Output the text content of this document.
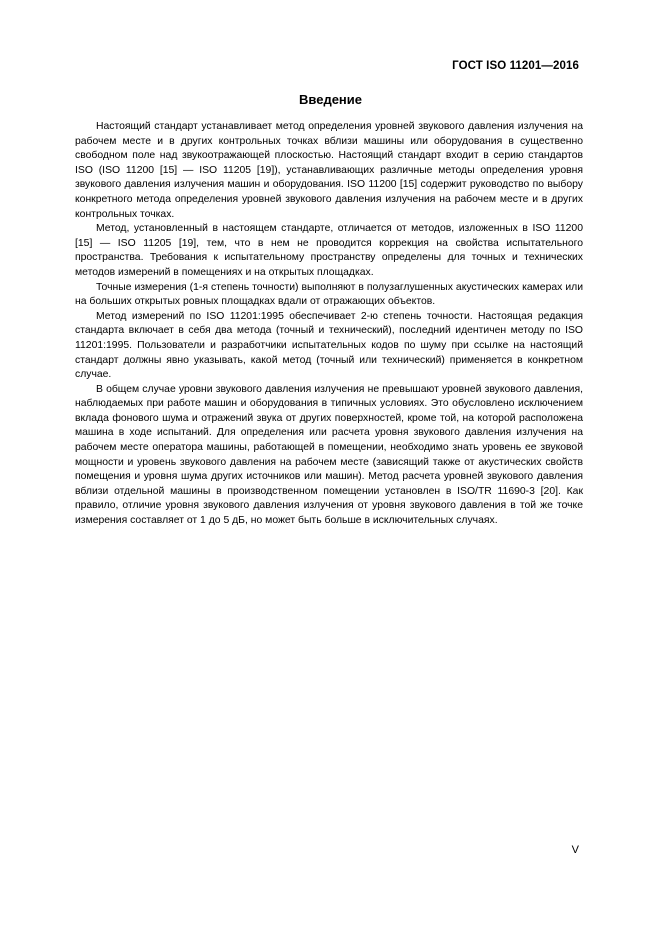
ГОСТ ISO 11201—2016
Введение

Настоящий стандарт устанавливает метод определения уровней звукового давления излучения на рабочем месте и в других контрольных точках вблизи машины или оборудования в существенно свободном поле над звукоотражающей плоскостью. Настоящий стандарт входит в серию стандартов ISO (ISO 11200 [15] — ISO 11205 [19]), устанавливающих различные методы определения уровня звукового давления излучения машин и оборудования. ISO 11200 [15] содержит руководство по выбору конкретного метода определения уровней звукового давления излучения на рабочем месте и в других контрольных точках.

Метод, установленный в настоящем стандарте, отличается от методов, изложенных в ISO 11200 [15] — ISO 11205 [19], тем, что в нем не проводится коррекция на свойства испытательного пространства. Требования к испытательному пространству определены для точных и технических методов измерений в помещениях и на открытых площадках.

Точные измерения (1-я степень точности) выполняют в полузаглушенных акустических камерах или на больших открытых ровных площадках вдали от отражающих объектов.

Метод измерений по ISO 11201:1995 обеспечивает 2-ю степень точности. Настоящая редакция стандарта включает в себя два метода (точный и технический), последний идентичен методу по ISO 11201:1995. Пользователи и разработчики испытательных кодов по шуму при ссылке на настоящий стандарт должны явно указывать, какой метод (точный или технический) применяется в конкретном случае.

В общем случае уровни звукового давления излучения не превышают уровней звукового давления, наблюдаемых при работе машин и оборудования в типичных условиях. Это обусловлено исключением вклада фонового шума и отражений звука от других поверхностей, кроме той, на которой расположена машина в ходе испытаний. Для определения или расчета уровня звукового давления излучения на рабочем месте оператора машины, работающей в помещении, необходимо знать уровень ее звуковой мощности и уровень звукового давления на рабочем месте (зависящий также от акустических свойств помещения и уровня шума других источников или машин). Метод расчета уровней звукового давления вблизи отдельной машины в производственном помещении установлен в ISO/TR 11690-3 [20]. Как правило, отличие уровня звукового давления излучения от уровня звукового давления в той же точке измерения составляет от 1 до 5 дБ, но может быть больше в исключительных случаях.

V
